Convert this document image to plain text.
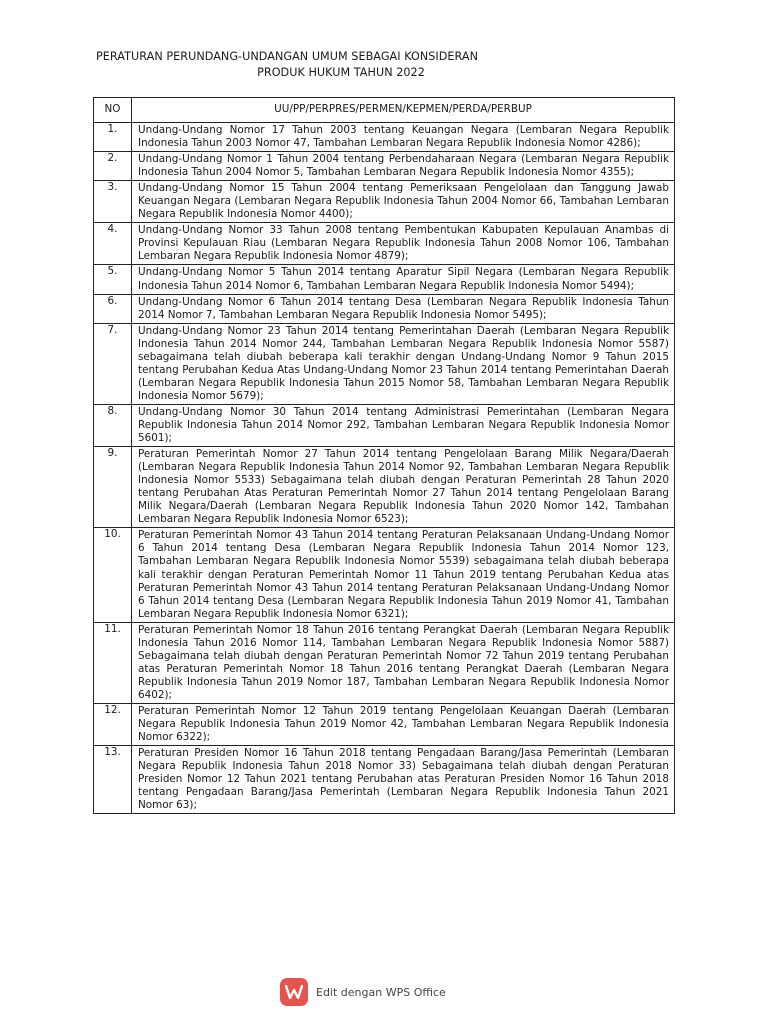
PERATURAN PERUNDANG-UNDANGAN UMUM SEBAGAI KONSIDERAN
PRODUK HUKUM TAHUN 2022
NO	UU/PP/PERPRES/PERMEN/KEPMEN/PERDA/PERBUP
1.	Undang-Undang Nomor 17 Tahun 2003 tentang Keuangan Negara (Lembaran Negara Republik Indonesia Tahun 2003 Nomor 47, Tambahan Lembaran Negara Republik Indonesia Nomor 4286);
2.	Undang-Undang Nomor 1 Tahun 2004 tentang Perbendaharaan Negara (Lembaran Negara Republik Indonesia Tahun 2004 Nomor 5, Tambahan Lembaran Negara Republik Indonesia Nomor 4355);
3.	Undang-Undang Nomor 15 Tahun 2004 tentang Pemeriksaan Pengelolaan dan Tanggung Jawab Keuangan Negara (Lembaran Negara Republik Indonesia Tahun 2004 Nomor 66, Tambahan Lembaran Negara Republik Indonesia Nomor 4400);
4.	Undang-Undang Nomor 33 Tahun 2008 tentang Pembentukan Kabupaten Kepulauan Anambas di Provinsi Kepulauan Riau (Lembaran Negara Republik Indonesia Tahun 2008 Nomor 106, Tambahan Lembaran Negara Republik Indonesia Nomor 4879);
5.	Undang-Undang Nomor 5 Tahun 2014 tentang Aparatur Sipil Negara (Lembaran Negara Republik Indonesia Tahun 2014 Nomor 6, Tambahan Lembaran Negara Republik Indonesia Nomor 5494);
6.	Undang-Undang Nomor 6 Tahun 2014 tentang Desa (Lembaran Negara Republik Indonesia Tahun 2014 Nomor 7, Tambahan Lembaran Negara Republik Indonesia Nomor 5495);
7.	Undang-Undang Nomor 23 Tahun 2014 tentang Pemerintahan Daerah (Lembaran Negara Republik Indonesia Tahun 2014 Nomor 244, Tambahan Lembaran Negara Republik Indonesia Nomor 5587) sebagaimana telah diubah beberapa kali terakhir dengan Undang-Undang Nomor 9 Tahun 2015 tentang Perubahan Kedua Atas Undang-Undang Nomor 23 Tahun 2014 tentang Pemerintahan Daerah (Lembaran Negara Republik Indonesia Tahun 2015 Nomor 58, Tambahan Lembaran Negara Republik Indonesia Nomor 5679);
8.	Undang-Undang Nomor 30 Tahun 2014 tentang Administrasi Pemerintahan (Lembaran Negara Republik Indonesia Tahun 2014 Nomor 292, Tambahan Lembaran Negara Republik Indonesia Nomor 5601);
9.	Peraturan Pemerintah Nomor 27 Tahun 2014 tentang Pengelolaan Barang Milik Negara/Daerah (Lembaran Negara Republik Indonesia Tahun 2014 Nomor 92, Tambahan Lembaran Negara Republik Indonesia Nomor 5533) Sebagaimana telah diubah dengan Peraturan Pemerintah 28 Tahun 2020 tentang Perubahan Atas Peraturan Pemerintah Nomor 27 Tahun 2014 tentang Pengelolaan Barang Milik Negara/Daerah (Lembaran Negara Republik Indonesia Tahun 2020 Nomor 142, Tambahan Lembaran Negara Republik Indonesia Nomor 6523);
10.	Peraturan Pemerintah Nomor 43 Tahun 2014 tentang Peraturan Pelaksanaan Undang-Undang Nomor 6 Tahun 2014 tentang Desa (Lembaran Negara Republik Indonesia Tahun 2014 Nomor 123, Tambahan Lembaran Negara Republik Indonesia Nomor 5539) sebagaimana telah diubah beberapa kali terakhir dengan Peraturan Pemerintah Nomor 11 Tahun 2019 tentang Perubahan Kedua atas Peraturan Pemerintah Nomor 43 Tahun 2014 tentang Peraturan Pelaksanaan Undang-Undang Nomor 6 Tahun 2014 tentang Desa (Lembaran Negara Republik Indonesia Tahun 2019 Nomor 41, Tambahan Lembaran Negara Republik Indonesia Nomor 6321);
11.	Peraturan Pemerintah Nomor 18 Tahun 2016 tentang Perangkat Daerah (Lembaran Negara Republik Indonesia Tahun 2016 Nomor 114, Tambahan Lembaran Negara Republik Indonesia Nomor 5887) Sebagaimana telah diubah dengan Peraturan Pemerintah Nomor 72 Tahun 2019 tentang Perubahan atas Peraturan Pemerintah Nomor 18 Tahun 2016 tentang Perangkat Daerah (Lembaran Negara Republik Indonesia Tahun 2019 Nomor 187, Tambahan Lembaran Negara Republik Indonesia Nomor 6402);
12.	Peraturan Pemerintah Nomor 12 Tahun 2019 tentang Pengelolaan Keuangan Daerah (Lembaran Negara Republik Indonesia Tahun 2019 Nomor 42, Tambahan Lembaran Negara Republik Indonesia Nomor 6322);
13.	Peraturan Presiden Nomor 16 Tahun 2018 tentang Pengadaan Barang/Jasa Pemerintah (Lembaran Negara Republik Indonesia Tahun 2018 Nomor 33) Sebagaimana telah diubah dengan Peraturan Presiden Nomor 12 Tahun 2021 tentang Perubahan atas Peraturan Presiden Nomor 16 Tahun 2018 tentang Pengadaan Barang/Jasa Pemerintah (Lembaran Negara Republik Indonesia Tahun 2021 Nomor 63);
Edit dengan WPS Office
